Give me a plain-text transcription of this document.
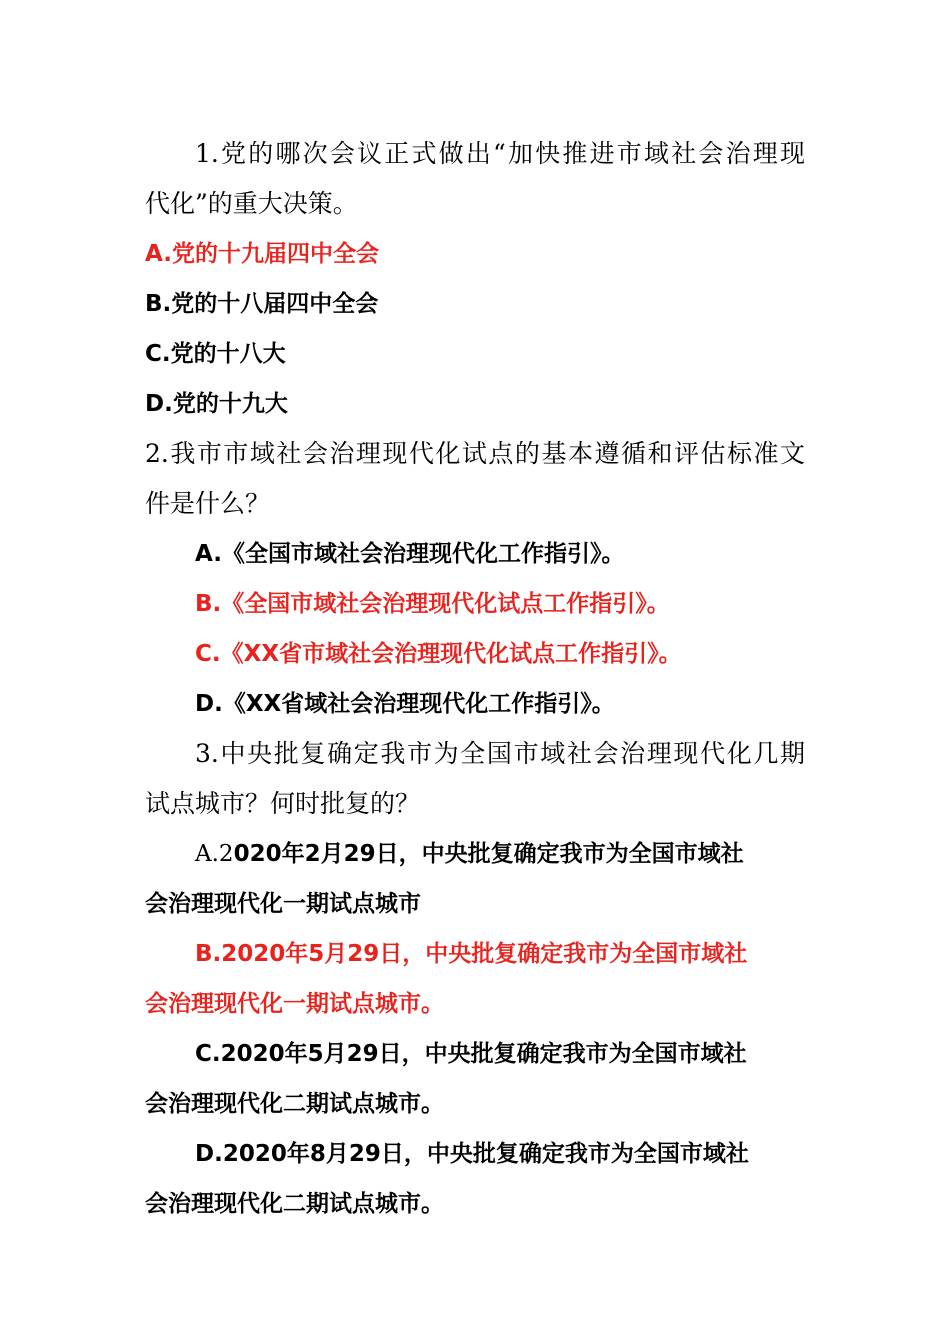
1.党的哪次会议正式做出“加快推进市域社会治理现
代化”的重大决策。
A.党的十九届四中全会
B.党的十八届四中全会
C.党的十八大
D.党的十九大
2.我市市域社会治理现代化试点的基本遵循和评估标准文
件是什么？
A.《全国市域社会治理现代化工作指引》。
B.《全国市域社会治理现代化试点工作指引》。
C.《XX省市域社会治理现代化试点工作指引》。
D.《XX省域社会治理现代化工作指引》。
3.中央批复确定我市为全国市域社会治理现代化几期
试点城市？何时批复的？
A.2020年2月29日，中央批复确定我市为全国市域社
会治理现代化一期试点城市
B.2020年5月29日，中央批复确定我市为全国市域社
会治理现代化一期试点城市。
C.2020年5月29日，中央批复确定我市为全国市域社
会治理现代化二期试点城市。
D.2020年8月29日，中央批复确定我市为全国市域社
会治理现代化二期试点城市。
